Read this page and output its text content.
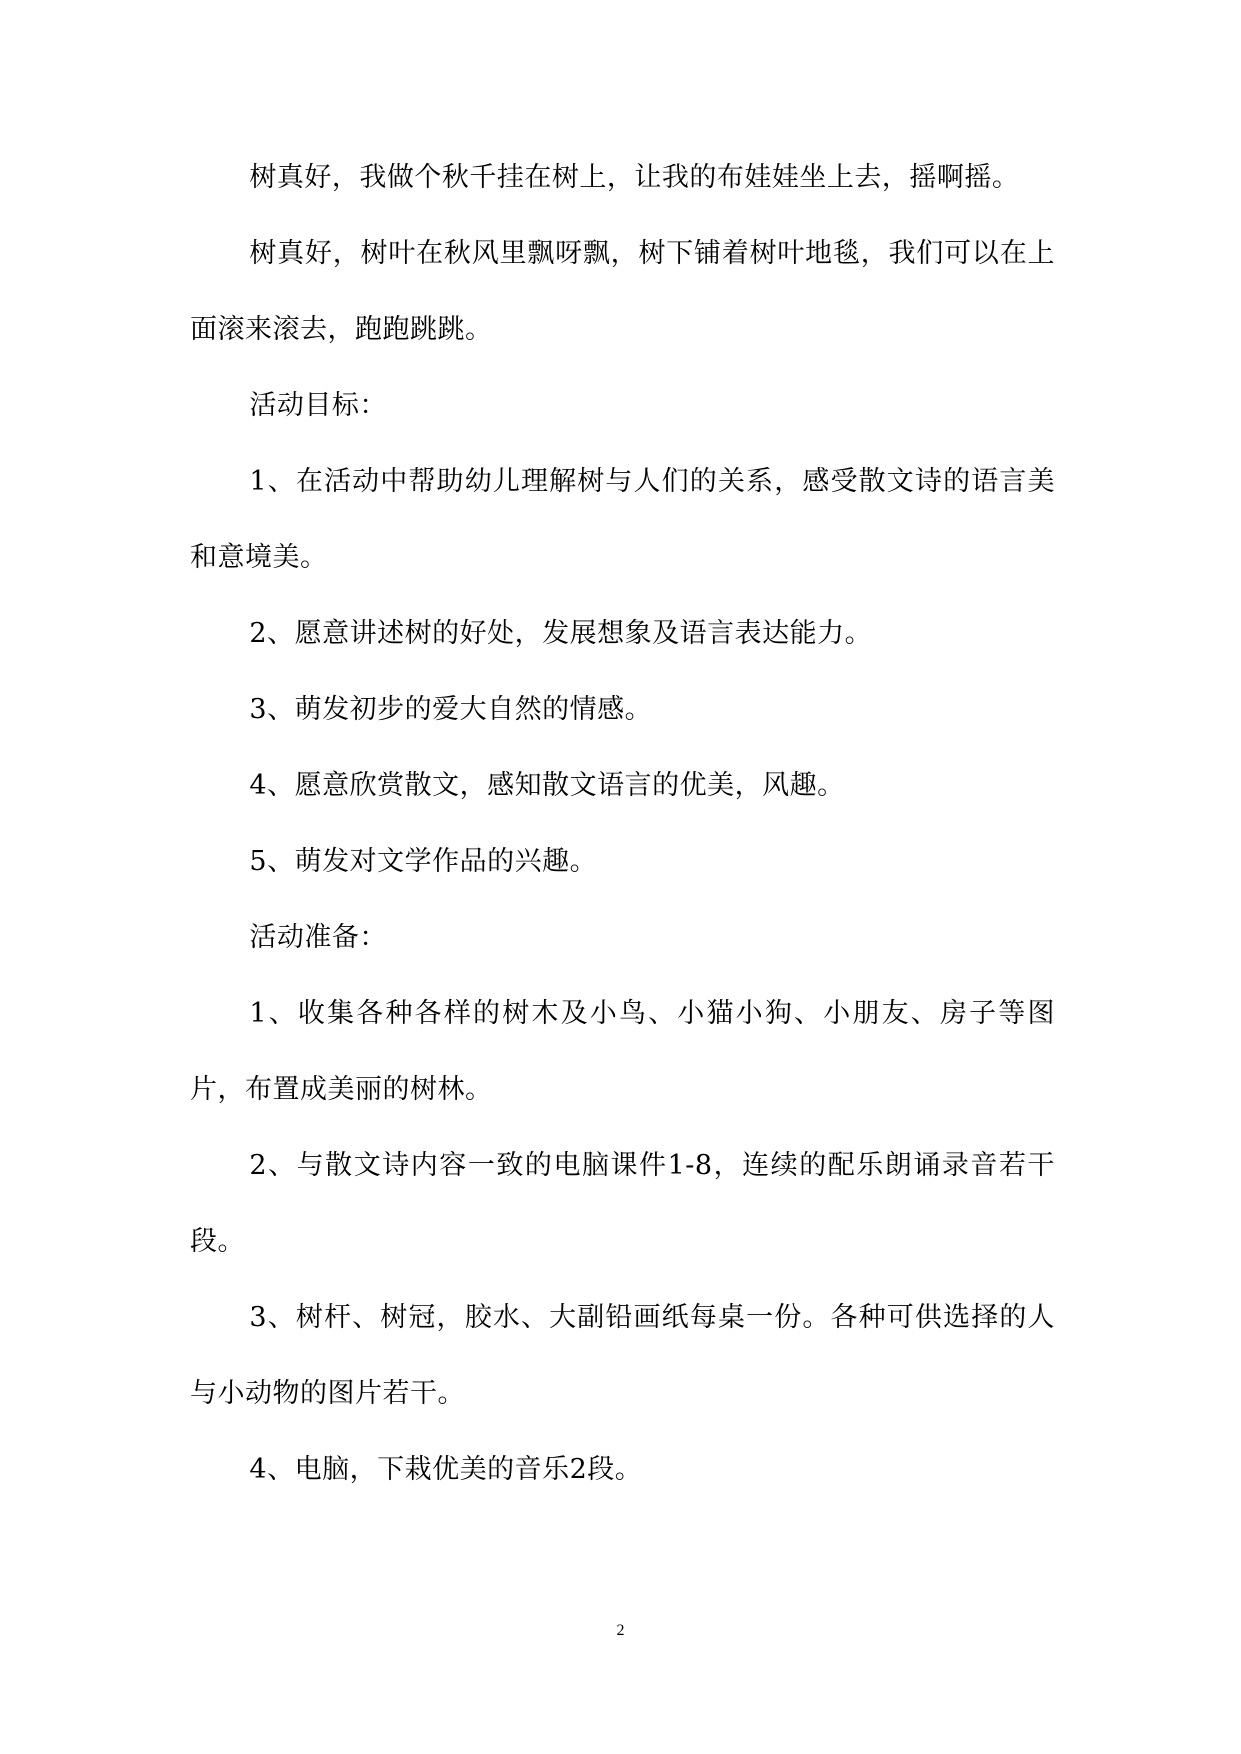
树真好，我做个秋千挂在树上，让我的布娃娃坐上去，摇啊摇。

树真好，树叶在秋风里飘呀飘，树下铺着树叶地毯，我们可以在上面滚来滚去，跑跑跳跳。

活动目标：

1、在活动中帮助幼儿理解树与人们的关系，感受散文诗的语言美和意境美。

2、愿意讲述树的好处，发展想象及语言表达能力。

3、萌发初步的爱大自然的情感。

4、愿意欣赏散文，感知散文语言的优美，风趣。

5、萌发对文学作品的兴趣。

活动准备：

1、收集各种各样的树木及小鸟、小猫小狗、小朋友、房子等图片，布置成美丽的树林。

2、与散文诗内容一致的电脑课件1-8，连续的配乐朗诵录音若干段。

3、树杆、树冠，胶水、大副铅画纸每桌一份。各种可供选择的人与小动物的图片若干。

4、电脑，下栽优美的音乐2段。

2
